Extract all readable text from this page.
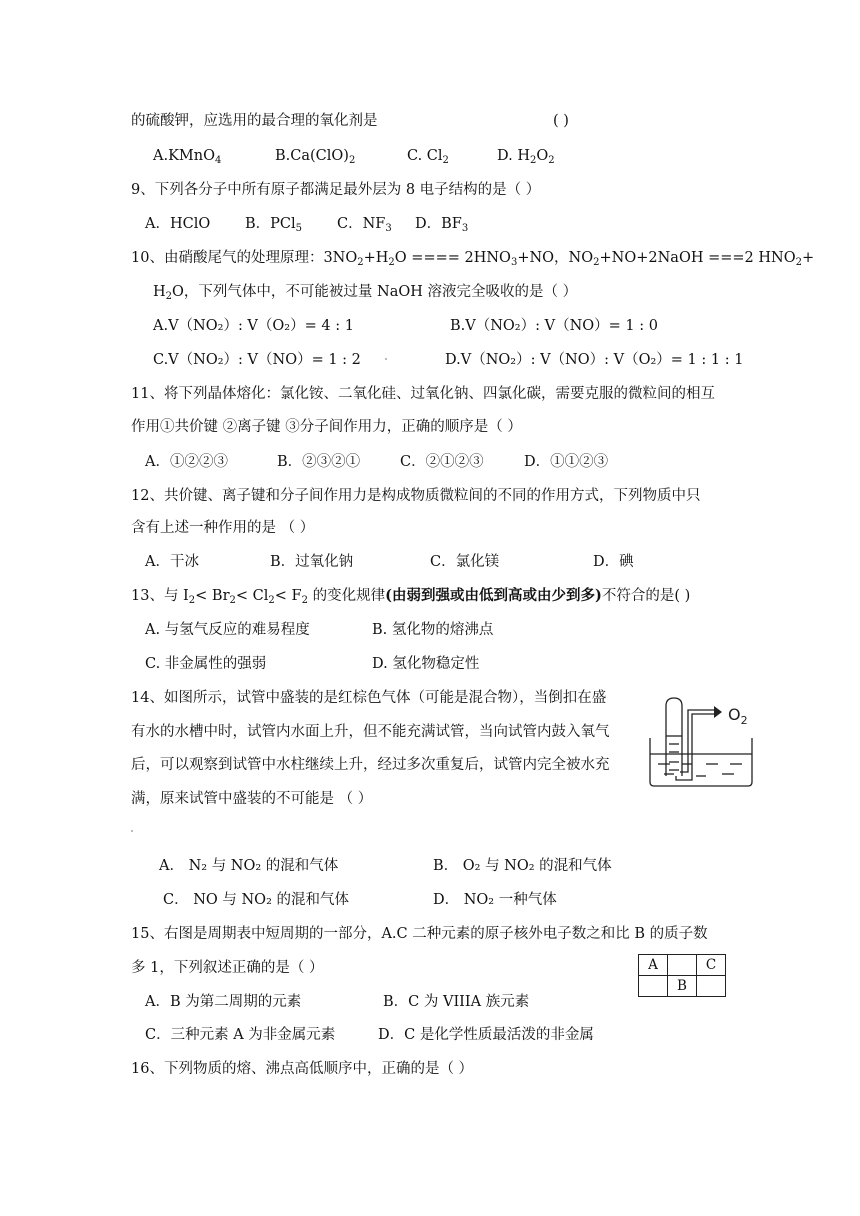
的硫酸钾，应选用的最合理的氧化剂是	( )
A.KMnO$_4$	$B.Ca(ClO)_2$	C. $Cl_2$	D. $H_2O_2$
9、下列各分子中所有原子都满足最外层为 8 电子结构的是（ ）
A．HClO B．PCl$_5$ C．$NF_3$ D．$BF_3$
10、由硝酸尾气的处理原理：$3NO_2+H_2O$ ==== $2HNO_3+NO$，$NO_2+NO+2NaOH ===2$ $HNO_2+$
$H_2O$，下列气体中，不可能被过量 NaOH 溶液完全吸收的是（ ）
A.V（NO₂）: V（O₂）= 4 : 1	B.V（NO₂）: V（NO）= 1 : 0
C.V（NO₂）: V（NO）= 1 : 2	D.V（NO₂）: V（NO）: V（O₂）= 1 : 1 : 1
11、将下列晶体熔化：氯化铵、二氧化硅、过氧化钠、四氯化碳，需要克服的微粒间的相互
作用①共价键 ②离子键 ③分子间作用力，正确的顺序是（ ）
A．①②②③	B．②③②①	C．②①②③	D．①①②③
12、共价键、离子键和分子间作用力是构成物质微粒间的不同的作用方式，下列物质中只
含有上述一种作用的是 （ ）
A．干冰	B．过氧化钠	C．氯化镁	D．碘
13、与 $I_2< Br_2< Cl_2< F_2$ 的变化规律(由弱到强或由低到高或由少到多)不符合的是( )
A. 与氢气反应的难易程度	B. 氢化物的熔沸点
C. 非金属性的强弱	D. 氢化物稳定性
14、如图所示，试管中盛装的是红棕色气体（可能是混合物），当倒扣在盛
有水的水槽中时，试管内水面上升，但不能充满试管，当向试管内鼓入氧气
后，可以观察到试管中水柱继续上升，经过多次重复后，试管内完全被水充
满，原来试管中盛装的不可能是 （ ）
$O_2$
A． N₂ 与 NO₂ 的混和气体	B． O₂ 与 NO₂ 的混和气体
C． NO 与 NO₂ 的混和气体	D． NO₂ 一种气体
15、右图是周期表中短周期的一部分，A.C 二种元素的原子核外电子数之和比 B 的质子数
多 1，下列叙述正确的是（ ）	A		C
	B	
A．B 为第二周期的元素	B．C 为 VIIIA 族元素
C．三种元素 A 为非金属元素	D．C 是化学性质最活泼的非金属
16、下列物质的熔、沸点高低顺序中，正确的是（ ）
